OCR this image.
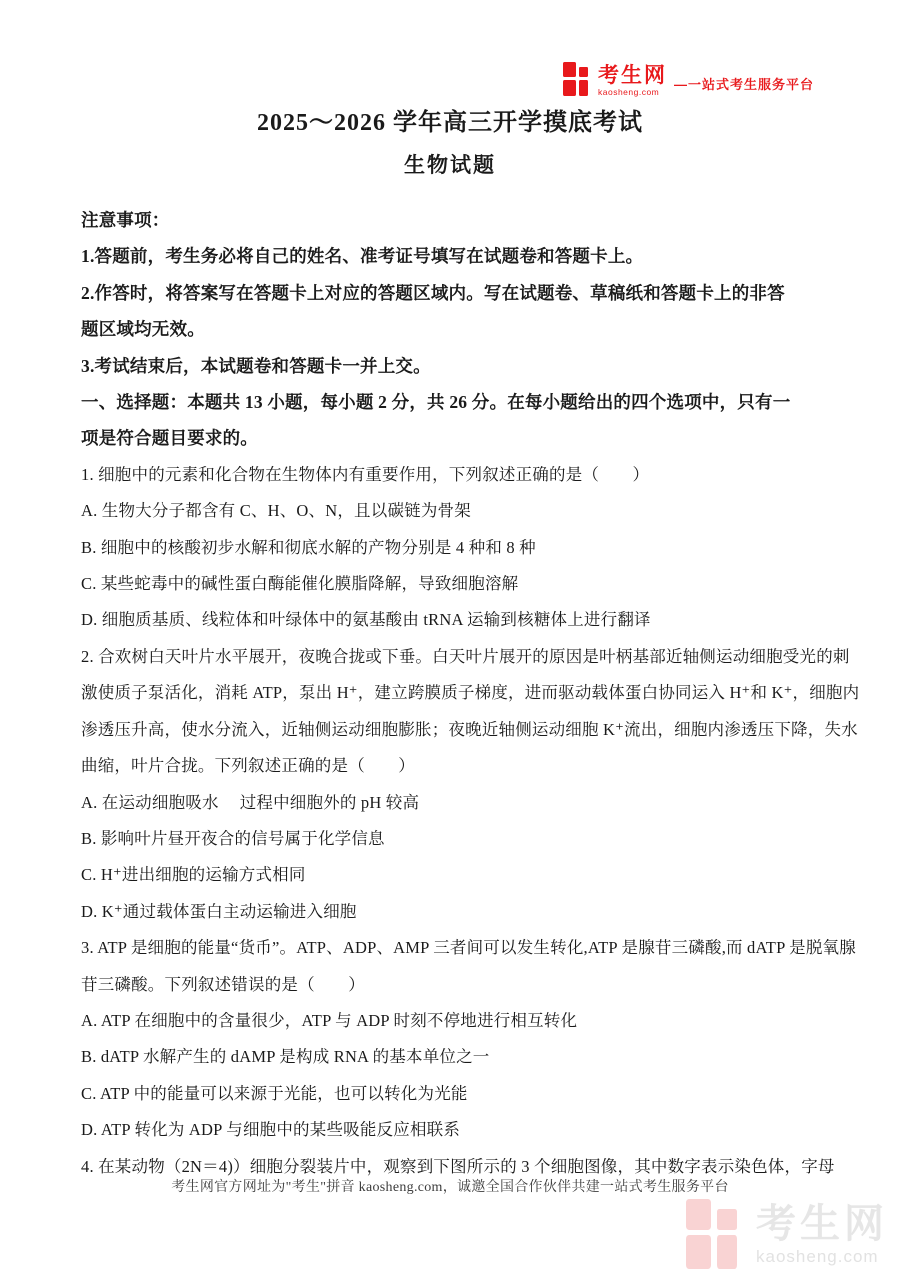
考生网
kaosheng.com	—一站式考生服务平台
2025～2026 学年高三开学摸底考试
生物试题
注意事项：
1.答题前，考生务必将自己的姓名、准考证号填写在试题卷和答题卡上。
2.作答时，将答案写在答题卡上对应的答题区域内。写在试题卷、草稿纸和答题卡上的非答
题区域均无效。
3.考试结束后，本试题卷和答题卡一并上交。
一、选择题：本题共 13 小题，每小题 2 分，共 26 分。在每小题给出的四个选项中，只有一
项是符合题目要求的。
1. 细胞中的元素和化合物在生物体内有重要作用，下列叙述正确的是（　　）
A. 生物大分子都含有 C、H、O、N，且以碳链为骨架
B. 细胞中的核酸初步水解和彻底水解的产物分别是 4 种和 8 种
C. 某些蛇毒中的碱性蛋白酶能催化膜脂降解，导致细胞溶解
D. 细胞质基质、线粒体和叶绿体中的氨基酸由 tRNA 运输到核糖体上进行翻译
2. 合欢树白天叶片水平展开，夜晚合拢或下垂。白天叶片展开的原因是叶柄基部近轴侧运动细胞受光的刺
激使质子泵活化，消耗 ATP，泵出 H⁺，建立跨膜质子梯度，进而驱动载体蛋白协同运入 H⁺和 K⁺，细胞内
渗透压升高，使水分流入，近轴侧运动细胞膨胀；夜晚近轴侧运动细胞 K⁺流出，细胞内渗透压下降，失水
曲缩，叶片合拢。下列叙述正确的是（　　）
A. 在运动细胞吸水　 过程中细胞外的 pH 较高
B. 影响叶片昼开夜合的信号属于化学信息
C. H⁺进出细胞的运输方式相同
D. K⁺通过载体蛋白主动运输进入细胞
3. ATP 是细胞的能量“货币”。ATP、ADP、AMP 三者间可以发生转化,ATP 是腺苷三磷酸,而 dATP 是脱氧腺
苷三磷酸。下列叙述错误的是（　　）
A. ATP 在细胞中的含量很少，ATP 与 ADP 时刻不停地进行相互转化
B. dATP 水解产生的 dAMP 是构成 RNA 的基本单位之一
C. ATP 中的能量可以来源于光能，也可以转化为光能
D. ATP 转化为 ADP 与细胞中的某些吸能反应相联系
4. 在某动物（2N＝4)）细胞分裂装片中，观察到下图所示的 3 个细胞图像，其中数字表示染色体，字母
考生网官方网址为"考生"拼音 kaosheng.com，诚邀全国合作伙伴共建一站式考生服务平台
考生网
kaosheng.com
